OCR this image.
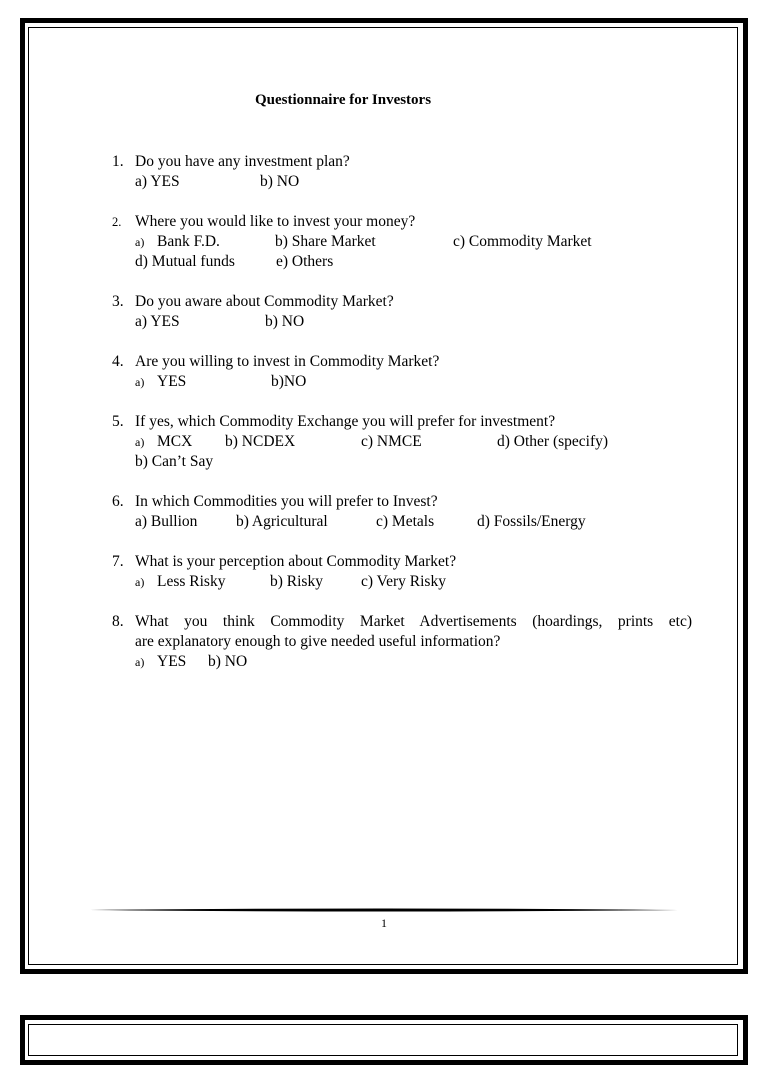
Questionnaire for Investors
1. Do you have any investment plan?
a) YES	b) NO
2. Where you would like to invest your money?
a) Bank F.D.	b) Share Market	c) Commodity Market
d) Mutual funds	e) Others
3. Do you aware about Commodity Market?
a) YES	b) NO
4. Are you willing to invest in Commodity Market?
a) YES	b)NO
5. If yes, which Commodity Exchange you will prefer for investment?
a) MCX b) NCDEX	c) NMCE	d) Other (specify)
b) Can’t Say
6. In which Commodities you will prefer to Invest?
a) Bullion b) Agricultural	c) Metals	d) Fossils/Energy
7. What is your perception about Commodity Market?
a) Less Risky	b) Risky c) Very Risky
8. What you think Commodity Market Advertisements (hoardings, prints etc)
are explanatory enough to give needed useful information?
a) YES b) NO
1
